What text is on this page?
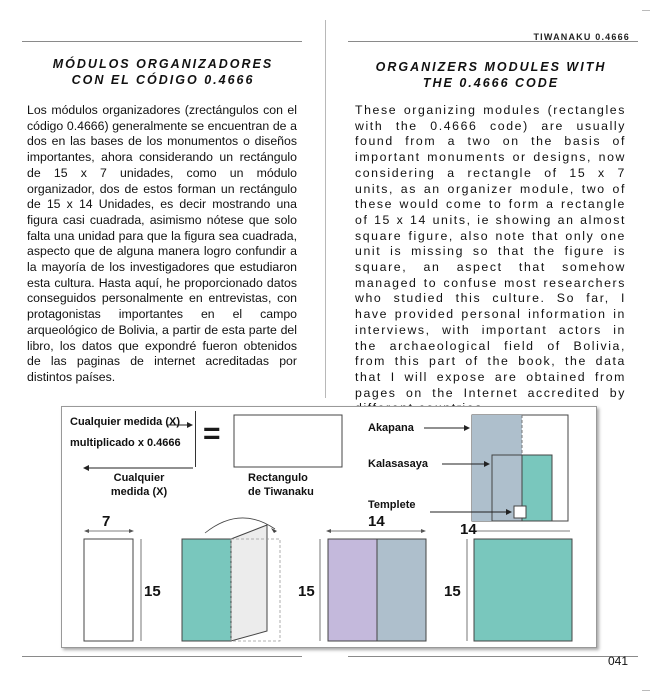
TIWANAKU 0.4666
MÓDULOS ORGANIZADORES
CON EL CÓDIGO 0.4666
Los módulos organizadores (zrectángulos con el código 0.4666) generalmente se encuentran de a dos en las bases de los monumentos o diseños importantes, ahora considerando un rectángulo de 15 x 7 unidades, como un módulo organizador, dos de estos forman un rectángulo de 15 x 14 Unidades, es decir mostrando una figura casi cuadrada, asimismo nótese que solo falta una unidad para que la figura sea cuadrada, aspecto que de alguna manera logro confundir a la mayoría de los investigadores que estudiaron esta cultura. Hasta aquí, he proporcionado datos conseguidos personalmente en entrevistas, con protagonistas importantes en el campo arqueológico de Bolivia, a partir de esta parte del libro, los datos que expondré fueron obtenidos de las paginas de internet acreditadas por distintos países.
ORGANIZERS MODULES WITH
THE 0.4666 CODE
These organizing modules (rectangles with the 0.4666 code) are usually found from a two on the basis of important monuments or designs, now considering a rectangle of 15 x 7 units, as an organizer module, two of these would come to form a rectangle of 15 x 14 units, ie showing an almost square figure, also note that only one unit is missing so that the figure is square, an aspect that somehow managed to confuse most researchers who studied this culture. So far, I have provided personal information in interviews, with important actors in the archaeological field of Bolivia, from this part of the book, the data that I will expose are obtained from pages on the Internet accredited by
Cualquier medida (X)
multiplicado x 0.4666 =
Cualquier
medida (X)
Rectangulo
de Tiwanaku
Akapana
Kalasasaya
Templete
7
15
14
15
14
15
041
